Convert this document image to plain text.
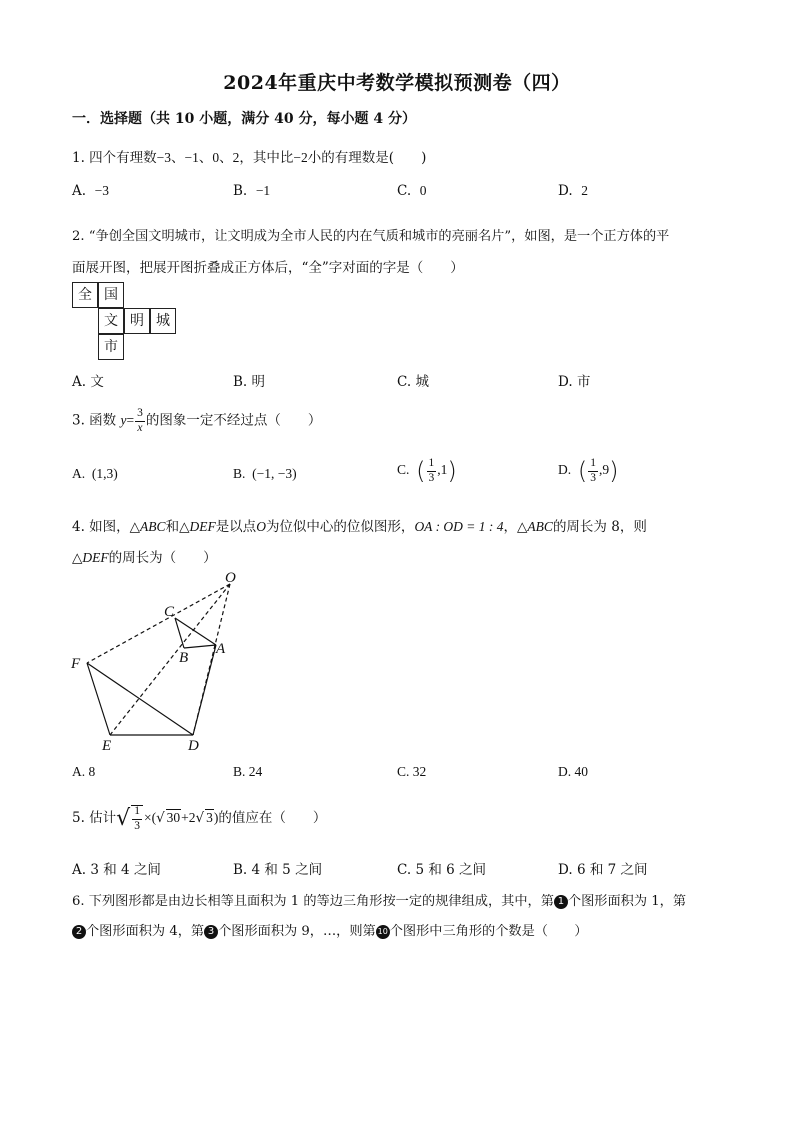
2024年重庆中考数学模拟预测卷（四）
一．选择题（共 10 小题，满分 40 分，每小题 4 分）
1. 四个有理数−3、−1、0、2，其中比−2小的有理数是(　　)
A. −3	B. −1	C. 0	D. 2
2. “争创全国文明城市，让文明成为全市人民的内在气质和城市的亮丽名片”，如图，是一个正方体的平
面展开图，把展开图折叠成正方体后，“全”字对面的字是（　　）
全 国
文 明 城
市
A. 文	B. 明	C. 城	D. 市
3. 函数 $y= \frac{3}{x}$ 的图象一定不经过点（　　）
A.  (1,3)	B.  (−1, −3)	C. ( $\frac{1}{3} ,1$)	D. ( $\frac{1}{3} ,9$)
4. 如图，△ABC和△DEF是以点O为位似中心的位似图形，OA : OD = 1 : 4，△ABC的周长为 8，则
△DEF的周长为（　　）
O
C
B
A
F
E	D
A. 8	B. 24	C. 32	D. 40
5. 估计√ $\frac{1}{3}$ ×(√ 30+2√ 3)的值应在（　　）
A. 3 和 4 之间	B. 4 和 5 之间	C. 5 和 6 之间	D. 6 和 7 之间
6. 下列图形都是由边长相等且面积为 1 的等边三角形按一定的规律组成，其中，第 1 个图形面积为 1，第
2 个图形面积为 4，第 3 个图形面积为 9，…，则第 10 个图形中三角形的个数是（　　）
